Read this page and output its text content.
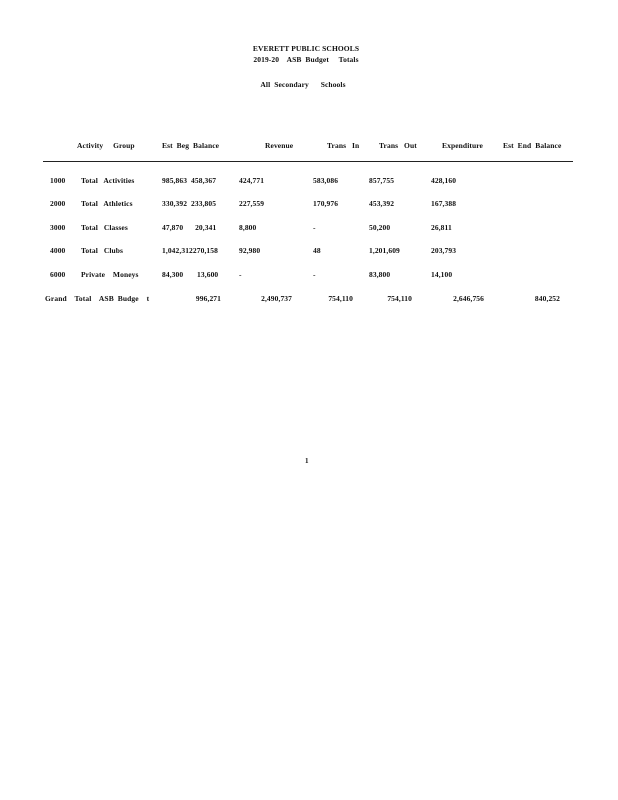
EVERETT PUBLIC SCHOOLS
2019-20    ASB  Budget     Totals
All  Secondary      Schools
Activity     Group	Est  Beg  Balance	Revenue	Trans   In	Trans   Out	Expenditure	Est  End  Balance
1000 Total   Activities	985,863  458,367	424,771	583,086	857,755	428,160
2000 Total   Athletics	330,392  233,805	227,559	170,976	453,392	167,388
3000 Total   Classes	47,870      20,341	8,800	-	50,200	26,811
4000 Total   Clubs	1,042,312270,158	92,980	48	1,201,609	203,793
6000 Private    Moneys	84,300       13,600	-	-	83,800	14,100
Grand    Total    ASB  Budge    t	996,271	2,490,737	754,110	754,110	2,646,756	840,252
1
